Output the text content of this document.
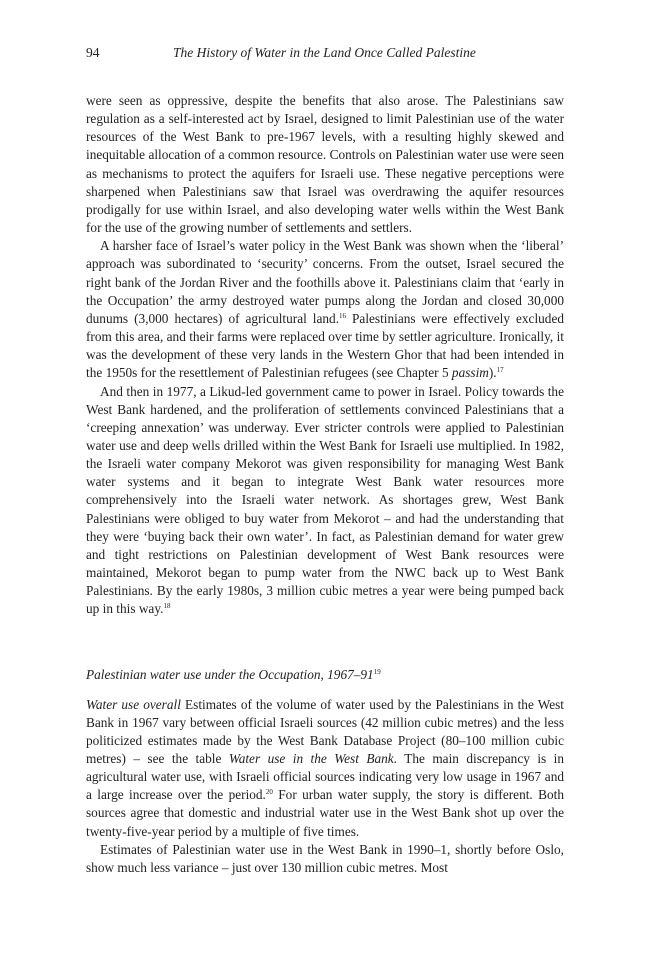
94	The History of Water in the Land Once Called Palestine

were seen as oppressive, despite the benefits that also arose. The Palestinians saw regulation as a self-interested act by Israel, designed to limit Palestinian use of the water resources of the West Bank to pre-1967 levels, with a resulting highly skewed and inequitable allocation of a common resource. Controls on Palestinian water use were seen as mechanisms to protect the aquifers for Israeli use. These negative perceptions were sharpened when Palestinians saw that Israel was overdrawing the aquifer resources prodigally for use within Israel, and also developing water wells within the West Bank for the use of the growing number of settlements and settlers.

A harsher face of Israel’s water policy in the West Bank was shown when the ‘liberal’ approach was subordinated to ‘security’ concerns. From the outset, Israel secured the right bank of the Jordan River and the foothills above it. Palestinians claim that ‘early in the Occupation’ the army destroyed water pumps along the Jordan and closed 30,000 dunums (3,000 hectares) of agricultural land.$^{16}$ Palestinians were effectively excluded from this area, and their farms were replaced over time by settler agriculture. Ironically, it was the development of these very lands in the Western Ghor that had been intended in the 1950s for the resettlement of Palestinian refugees (see Chapter 5 passim).$^{17}$

And then in 1977, a Likud-led government came to power in Israel. Policy towards the West Bank hardened, and the proliferation of settlements convinced Palestinians that a ‘creeping annexation’ was underway. Ever stricter controls were applied to Palestinian water use and deep wells drilled within the West Bank for Israeli use multiplied. In 1982, the Israeli water company Mekorot was given responsibility for managing West Bank water systems and it began to integrate West Bank water resources more comprehensively into the Israeli water network. As shortages grew, West Bank Palestinians were obliged to buy water from Mekorot – and had the understanding that they were ‘buying back their own water’. In fact, as Palestinian demand for water grew and tight restrictions on Palestinian development of West Bank resources were maintained, Mekorot began to pump water from the NWC back up to West Bank Palestinians. By the early 1980s, 3 million cubic metres a year were being pumped back up in this way.$^{18}$

Palestinian water use under the Occupation, $1967-91^{19}$

Water use overall Estimates of the volume of water used by the Palestinians in the West Bank in 1967 vary between official Israeli sources (42 million cubic metres) and the less politicized estimates made by the West Bank Database Project (80–100 million cubic metres) – see the table Water use in the West Bank. The main discrepancy is in agricultural water use, with Israeli official sources indicating very low usage in 1967 and a large increase over the period.$^{20}$ For urban water supply, the story is different. Both sources agree that domestic and industrial water use in the West Bank shot up over the twenty-five-year period by a multiple of five times.

Estimates of Palestinian water use in the West Bank in 1990–1, shortly before Oslo, show much less variance – just over 130 million cubic metres. Most
